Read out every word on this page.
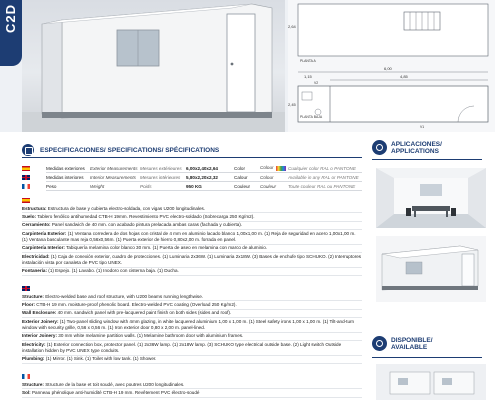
C2D	2,64
PLANTA A
6,00
4,85
1,15
V2
2,45
PLANTA BAJA
V1
ESPECIFICACIONES/ SPECIFICATIONS/ SPÉCIFICATIONS
Medidas exteriores	Exterior Measurements Mesures extérieures 6,00x2,40x2,64	Color	Colour	Cualquier color RAL o PANTONE
Medidas interiores	Interior Measurements Mesures intérieures	5,80x2,20x2,32	Calour	Colour	Available in any RAL or PANTONE
Peso	Weight	Poids	950 KG	Couleur	Couleur	Toute couleur RAL ou PANTONE
Estructura: Estructura de base y cubierta electro-soldada, con vigas U200 longitudinales.
Suelo: Tablero fenólico antihumedad CTB-H 19mm. Revestimiento PVC electro-soldado (Sobrecarga 250 Kg/m2).
Cerramiento: Panel sandwich de 40 mm. con acabado pintura prelacada ambas caras (fachada y cubierta).
Carpintería Exterior: (1) Ventana corredera de dos hojas con cristal de 4 mm en aluminio lacado blanco 1,00x1,00 m. (1) Reja de seguridad en acero 1,00x1,00 m. (1) Ventana basculante mas reja 0,56x0,56m. (1) Puerta exterior de hierro 0,80x2,00 m. forrada en panel.
Carpintería Interior: Tabiquería melamina color blanco 30 mm. (1) Puerta de aseo en melamina con marco de aluminio.
Electricidad: (1) Caja de conexión exterior, cuadro de protecciones. (1) Luminaria 2x36W. (1) Luminaria 2x18W. (3) Bases de enchufe tipo SCHUKO. (2) Interruptores instalación vista por canaleta de PVC tipo UNEX.
Fontanería: (1) Espejo. (1) Lavabo. (1) Inodoro con cisterna baja. (1) Ducha.
Structure: Electro-welded base and roof structure, with U200 beams running lengthwise.
Floor: CTB-H 19 mm. moisture-proof phenolic board. Electro-welded PVC coating (Overload 250 Kg/m2).
Wall Enclosure: 40 mm. sandwich panel with pre-lacquered paint finish on both sides (sides and roof).
Exterior Joinery: (1) Two-panel sliding window with 4mm glazing, in white lacquered aluminium 1,00 x 1,00 m. (1) Steel safety irons 1,00 x 1,00 m. (1) Tilt-and-turn window with security grille, 0,56 x 0,56 m. (1) Iron exterior door 0,80 x 2,00 m. panel-lined.
Interior Joinery: 30 mm white melamine partition walls. (1) Melamine bathroom door with aluminium frames.
Electricity: (1) Exterior connection box, protector panel. (1) 2x36W lamp. (1) 2x18W lamp. (3) SCHUKO type electrical outside base. (2) Light switch Outside installation hidden by PVC UNEX type conduits.
Plumbing: (1) Mirror. (1) Sink. (1) Toilet with low tank. (1) Shower.
Structure: Structure de la base et toit soudé, avec poutres U200 longitudinales.
Sol: Panneau phénolique anti-humidité CTB-H 19 mm. Revêtement PVC électro-soudé
APLICACIONES/
APPLICATIONS
DISPONIBLE/
AVAILABLE
